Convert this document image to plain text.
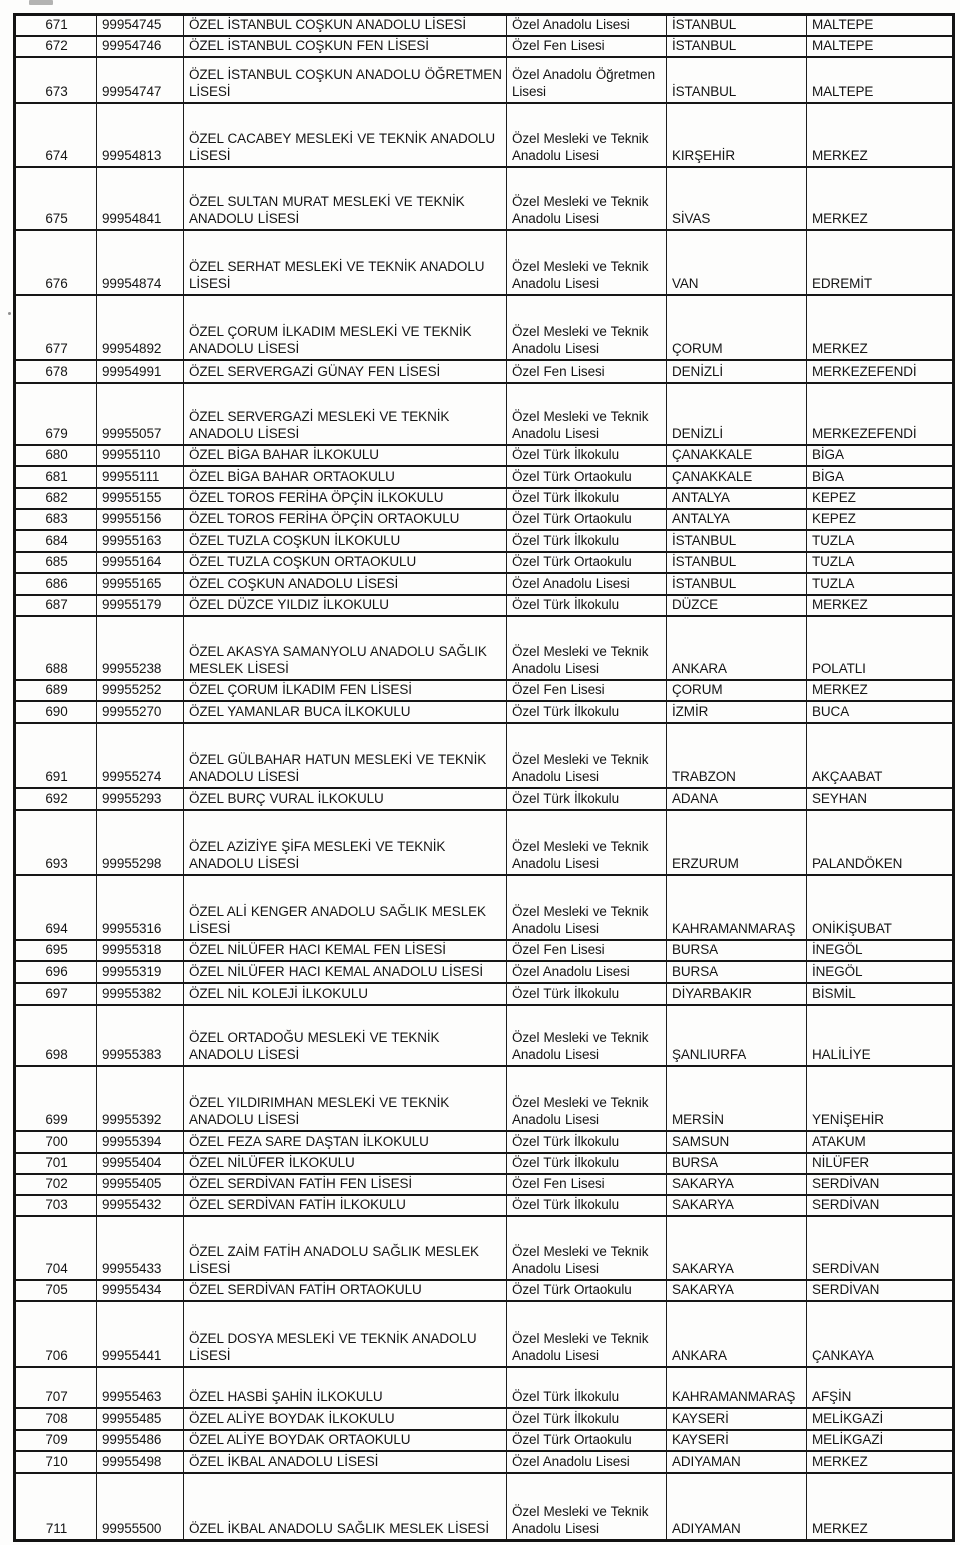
671	99954745	ÖZEL İSTANBUL COŞKUN ANADOLU LİSESİ	Özel Anadolu Lisesi	İSTANBUL	MALTEPE
672	99954746	ÖZEL İSTANBUL COŞKUN FEN LİSESİ	Özel Fen Lisesi	İSTANBUL	MALTEPE
673	99954747	ÖZEL İSTANBUL COŞKUN ANADOLU ÖĞRETMEN LİSESİ	Özel Anadolu Öğretmen Lisesi	İSTANBUL	MALTEPE
674	99954813	ÖZEL CACABEY MESLEKİ VE TEKNİK ANADOLU LİSESİ	Özel Mesleki ve Teknik Anadolu Lisesi	KIRŞEHİR	MERKEZ
675	99954841	ÖZEL SULTAN MURAT MESLEKİ VE TEKNİK ANADOLU LİSESİ	Özel Mesleki ve Teknik Anadolu Lisesi	SİVAS	MERKEZ
676	99954874	ÖZEL SERHAT MESLEKİ VE TEKNİK ANADOLU LİSESİ	Özel Mesleki ve Teknik Anadolu Lisesi	VAN	EDREMİT
677	99954892	ÖZEL ÇORUM İLKADIM MESLEKİ VE TEKNİK ANADOLU LİSESİ	Özel Mesleki ve Teknik Anadolu Lisesi	ÇORUM	MERKEZ
678	99954991	ÖZEL SERVERGAZİ GÜNAY FEN LİSESİ	Özel Fen Lisesi	DENİZLİ	MERKEZEFENDİ
679	99955057	ÖZEL SERVERGAZİ MESLEKİ VE TEKNİK ANADOLU LİSESİ	Özel Mesleki ve Teknik Anadolu Lisesi	DENİZLİ	MERKEZEFENDİ
680	99955110	ÖZEL BİGA BAHAR İLKOKULU	Özel Türk İlkokulu	ÇANAKKALE	BİGA
681	99955111	ÖZEL BİGA BAHAR ORTAOKULU	Özel Türk Ortaokulu	ÇANAKKALE	BİGA
682	99955155	ÖZEL TOROS FERİHA ÖPÇİN İLKOKULU	Özel Türk İlkokulu	ANTALYA	KEPEZ
683	99955156	ÖZEL TOROS FERİHA ÖPÇİN ORTAOKULU	Özel Türk Ortaokulu	ANTALYA	KEPEZ
684	99955163	ÖZEL TUZLA COŞKUN İLKOKULU	Özel Türk İlkokulu	İSTANBUL	TUZLA
685	99955164	ÖZEL TUZLA COŞKUN ORTAOKULU	Özel Türk Ortaokulu	İSTANBUL	TUZLA
686	99955165	ÖZEL COŞKUN ANADOLU LİSESİ	Özel Anadolu Lisesi	İSTANBUL	TUZLA
687	99955179	ÖZEL DÜZCE YILDIZ İLKOKULU	Özel Türk İlkokulu	DÜZCE	MERKEZ
688	99955238	ÖZEL AKASYA SAMANYOLU ANADOLU SAĞLIK MESLEK LİSESİ	Özel Mesleki ve Teknik Anadolu Lisesi	ANKARA	POLATLI
689	99955252	ÖZEL ÇORUM İLKADIM FEN LİSESİ	Özel Fen Lisesi	ÇORUM	MERKEZ
690	99955270	ÖZEL YAMANLAR BUCA İLKOKULU	Özel Türk İlkokulu	İZMİR	BUCA
691	99955274	ÖZEL GÜLBAHAR HATUN MESLEKİ VE TEKNİK ANADOLU LİSESİ	Özel Mesleki ve Teknik Anadolu Lisesi	TRABZON	AKÇAABAT
692	99955293	ÖZEL BURÇ VURAL İLKOKULU	Özel Türk İlkokulu	ADANA	SEYHAN
693	99955298	ÖZEL AZİZİYE ŞİFA MESLEKİ VE TEKNİK ANADOLU LİSESİ	Özel Mesleki ve Teknik Anadolu Lisesi	ERZURUM	PALANDÖKEN
694	99955316	ÖZEL ALİ KENGER ANADOLU SAĞLIK MESLEK LİSESİ	Özel Mesleki ve Teknik Anadolu Lisesi	KAHRAMANMARAŞ	ONİKİŞUBAT
695	99955318	ÖZEL NİLÜFER HACI KEMAL FEN LİSESİ	Özel Fen Lisesi	BURSA	İNEGÖL
696	99955319	ÖZEL NİLÜFER HACI KEMAL ANADOLU LİSESİ	Özel Anadolu Lisesi	BURSA	İNEGÖL
697	99955382	ÖZEL NİL KOLEJİ İLKOKULU	Özel Türk İlkokulu	DİYARBAKIR	BİSMİL
698	99955383	ÖZEL ORTADOĞU MESLEKİ VE TEKNİK ANADOLU LİSESİ	Özel Mesleki ve Teknik Anadolu Lisesi	ŞANLIURFA	HALİLİYE
699	99955392	ÖZEL YILDIRIMHAN MESLEKİ VE TEKNİK ANADOLU LİSESİ	Özel Mesleki ve Teknik Anadolu Lisesi	MERSİN	YENİŞEHİR
700	99955394	ÖZEL FEZA SARE DAŞTAN İLKOKULU	Özel Türk İlkokulu	SAMSUN	ATAKUM
701	99955404	ÖZEL NİLÜFER İLKOKULU	Özel Türk İlkokulu	BURSA	NİLÜFER
702	99955405	ÖZEL SERDİVAN FATİH FEN LİSESİ	Özel Fen Lisesi	SAKARYA	SERDİVAN
703	99955432	ÖZEL SERDİVAN FATİH İLKOKULU	Özel Türk İlkokulu	SAKARYA	SERDİVAN
704	99955433	ÖZEL ZAİM FATİH ANADOLU SAĞLIK MESLEK LİSESİ	Özel Mesleki ve Teknik Anadolu Lisesi	SAKARYA	SERDİVAN
705	99955434	ÖZEL SERDİVAN FATİH ORTAOKULU	Özel Türk Ortaokulu	SAKARYA	SERDİVAN
706	99955441	ÖZEL DOSYA MESLEKİ VE TEKNİK ANADOLU LİSESİ	Özel Mesleki ve Teknik Anadolu Lisesi	ANKARA	ÇANKAYA
707	99955463	ÖZEL HASBİ ŞAHİN İLKOKULU	Özel Türk İlkokulu	KAHRAMANMARAŞ	AFŞİN
708	99955485	ÖZEL ALİYE BOYDAK İLKOKULU	Özel Türk İlkokulu	KAYSERİ	MELİKGAZİ
709	99955486	ÖZEL ALİYE BOYDAK ORTAOKULU	Özel Türk Ortaokulu	KAYSERİ	MELİKGAZİ
710	99955498	ÖZEL İKBAL ANADOLU LİSESİ	Özel Anadolu Lisesi	ADIYAMAN	MERKEZ
711	99955500	ÖZEL İKBAL ANADOLU SAĞLIK MESLEK LİSESİ	Özel Mesleki ve Teknik Anadolu Lisesi	ADIYAMAN	MERKEZ
